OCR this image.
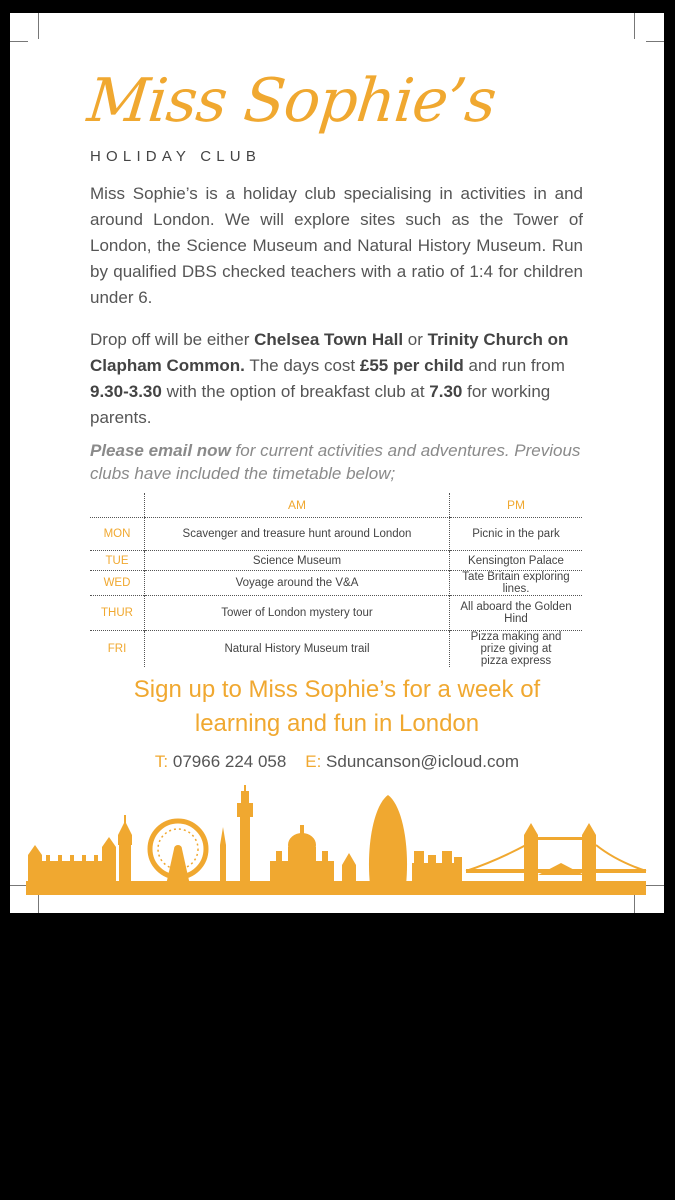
Miss Sophie’s
HOLIDAY CLUB

Miss Sophie’s is a holiday club specialising in activities in and around London. We will explore sites such as the Tower of London, the Science Museum and Natural History Museum. Run by qualified DBS checked teachers with a ratio of 1:4 for children under 6.

Drop off will be either Chelsea Town Hall or Trinity Church on Clapham Common. The days cost £55 per child and run from 9.30-3.30 with the option of breakfast club at 7.30 for working parents.

Please email now for current activities and adventures. Previous clubs have included the timetable below;

	AM	PM
MON	Scavenger and treasure hunt around London	Picnic in the park
TUE	Science Museum	Kensington Palace
WED	Voyage around the V&A	Tate Britain exploring lines.
THUR	Tower of London mystery tour	All aboard the Golden Hind
FRI	Natural History Museum trail	Pizza making and prize giving at pizza express
Sign up to Miss Sophie’s for a week of
learning and fun in London
T: 07966 224 058 E: Sduncanson@icloud.com
